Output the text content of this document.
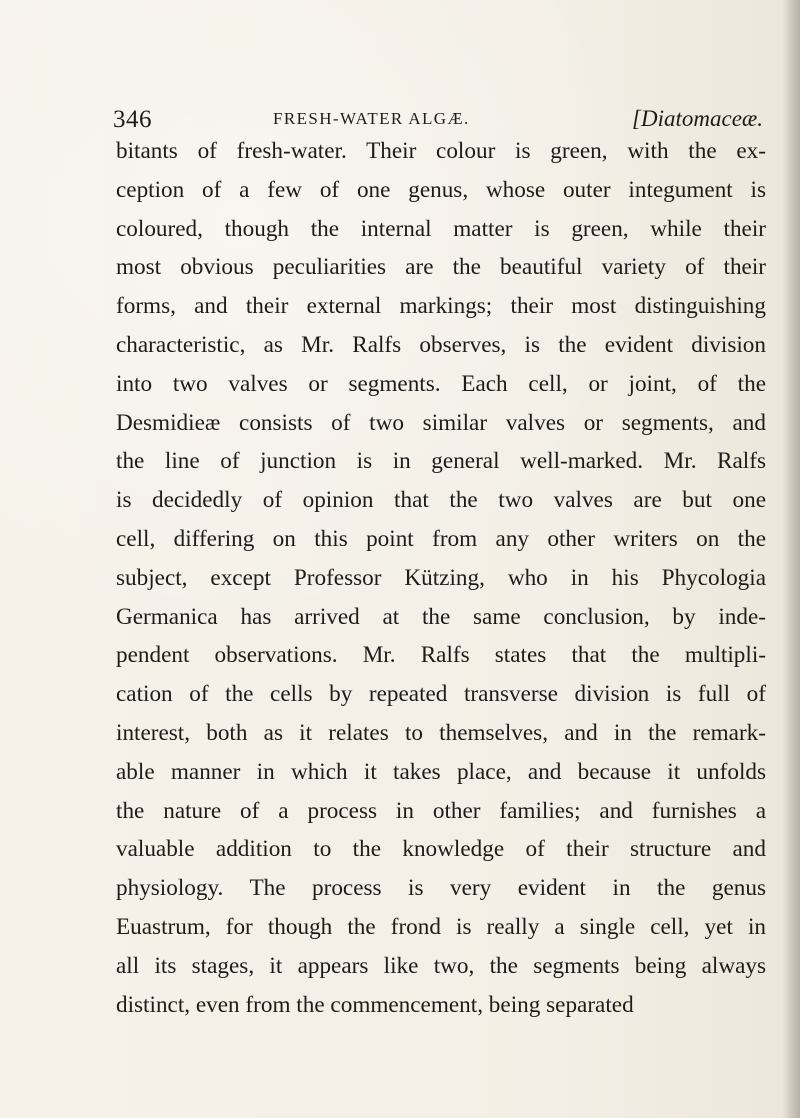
346	FRESH-WATER ALGÆ.	[Diatomaceæ.
bitants of fresh-water. Their colour is green, with the ex-
ception of a few of one genus, whose outer integument is
coloured, though the internal matter is green, while their
most obvious peculiarities are the beautiful variety of their
forms, and their external markings; their most distinguishing
characteristic, as Mr. Ralfs observes, is the evident division
into two valves or segments. Each cell, or joint, of the
Desmidieæ consists of two similar valves or segments, and
the line of junction is in general well-marked. Mr. Ralfs
is decidedly of opinion that the two valves are but one
cell, differing on this point from any other writers on the
subject, except Professor Kützing, who in his Phycologia
Germanica has arrived at the same conclusion, by inde-
pendent observations. Mr. Ralfs states that the multipli-
cation of the cells by repeated transverse division is full of
interest, both as it relates to themselves, and in the remark-
able manner in which it takes place, and because it unfolds
the nature of a process in other families; and furnishes a
valuable addition to the knowledge of their structure and
physiology. The process is very evident in the genus
Euastrum, for though the frond is really a single cell, yet in
all its stages, it appears like two, the segments being always
distinct, even from the commencement, being separated
